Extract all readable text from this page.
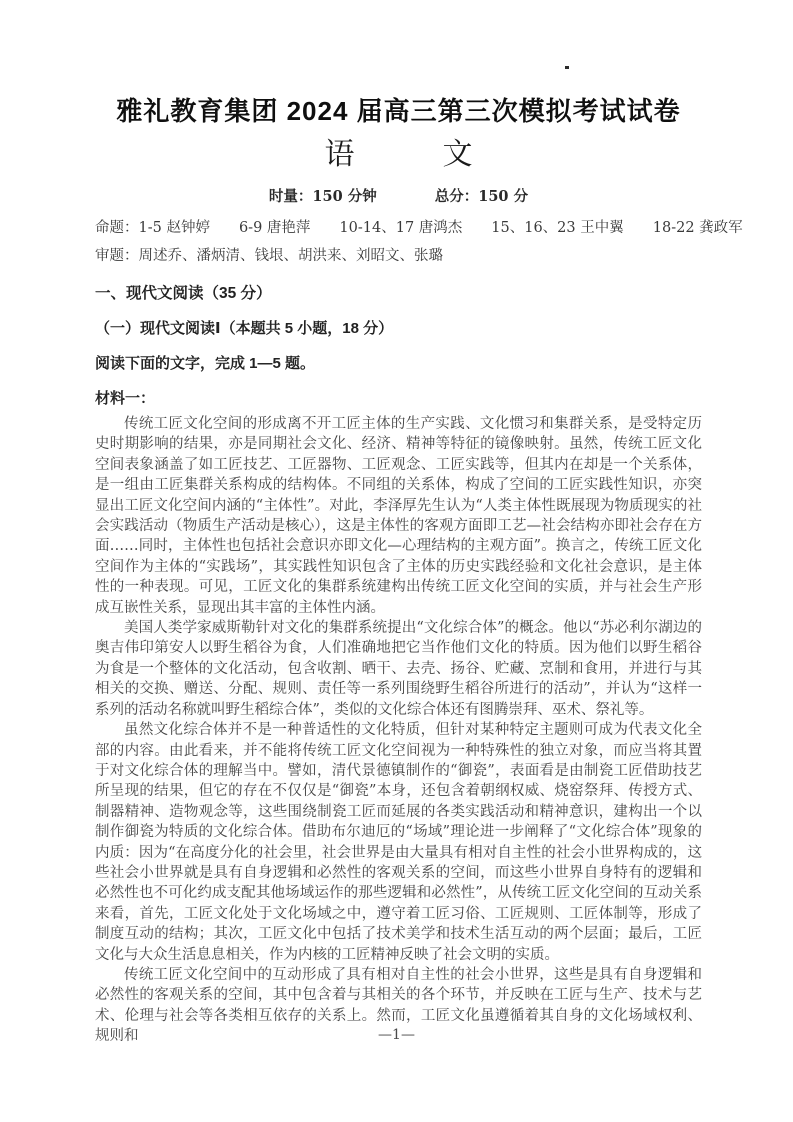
雅礼教育集团 2024 届高三第三次模拟考试试卷
语	文
时量：150 分钟	总分：150 分
命题：1-5 赵钟婷　　6-9 唐艳萍　　10-14、17 唐鸿杰　　15、16、23 王中翼　　18-22 龚政军
审题：周述乔、潘炳清、钱垠、胡洪来、刘昭文、张璐
一、现代文阅读（35 分）
（一）现代文阅读Ⅰ（本题共 5 小题，18 分）
阅读下面的文字，完成 1—5 题。
材料一：

传统工匠文化空间的形成离不开工匠主体的生产实践、文化惯习和集群关系，是受特定历史时期影响的结果，亦是同期社会文化、经济、精神等特征的镜像映射。虽然，传统工匠文化空间表象涵盖了如工匠技艺、工匠器物、工匠观念、工匠实践等，但其内在却是一个关系体，是一组由工匠集群关系构成的结构体。不同组的关系体，构成了空间的工匠实践性知识，亦突显出工匠文化空间内涵的“主体性”。对此，李泽厚先生认为“人类主体性既展现为物质现实的社会实践活动（物质生产活动是核心），这是主体性的客观方面即工艺—社会结构亦即社会存在方面……同时，主体性也包括社会意识亦即文化—心理结构的主观方面”。换言之，传统工匠文化空间作为主体的“实践场”，其实践性知识包含了主体的历史实践经验和文化社会意识，是主体性的一种表现。可见，工匠文化的集群系统建构出传统工匠文化空间的实质，并与社会生产形成互嵌性关系，显现出其丰富的主体性内涵。

美国人类学家威斯勒针对文化的集群系统提出“文化综合体”的概念。他以“苏必利尔湖边的奥吉伟印第安人以野生稻谷为食，人们准确地把它当作他们文化的特质。因为他们以野生稻谷为食是一个整体的文化活动，包含收割、晒干、去壳、扬谷、贮藏、烹制和食用，并进行与其相关的交换、赠送、分配、规则、责任等一系列围绕野生稻谷所进行的活动”，并认为“这样一系列的活动名称就叫野生稻综合体”，类似的文化综合体还有图腾崇拜、巫术、祭礼等。

虽然文化综合体并不是一种普适性的文化特质，但针对某种特定主题则可成为代表文化全部的内容。由此看来，并不能将传统工匠文化空间视为一种特殊性的独立对象，而应当将其置于对文化综合体的理解当中。譬如，清代景德镇制作的“御瓷”，表面看是由制瓷工匠借助技艺所呈现的结果，但它的存在不仅仅是“御瓷”本身，还包含着朝纲权威、烧窑祭拜、传授方式、制器精神、造物观念等，这些围绕制瓷工匠而延展的各类实践活动和精神意识，建构出一个以制作御瓷为特质的文化综合体。借助布尔迪厄的“场域”理论进一步阐释了“文化综合体”现象的内质：因为“在高度分化的社会里，社会世界是由大量具有相对自主性的社会小世界构成的，这些社会小世界就是具有自身逻辑和必然性的客观关系的空间，而这些小世界自身特有的逻辑和必然性也不可化约成支配其他场域运作的那些逻辑和必然性”，从传统工匠文化空间的互动关系来看，首先，工匠文化处于文化场域之中，遵守着工匠习俗、工匠规则、工匠体制等，形成了制度互动的结构；其次，工匠文化中包括了技术美学和技术生活互动的两个层面；最后，工匠文化与大众生活息息相关，作为内核的工匠精神反映了社会文明的实质。

传统工匠文化空间中的互动形成了具有相对自主性的社会小世界，这些是具有自身逻辑和必然性的客观关系的空间，其中包含着与其相关的各个环节，并反映在工匠与生产、技术与艺术、伦理与社会等各类相互依存的关系上。然而，工匠文化虽遵循着其自身的文化场域权利、规则和	—1—
